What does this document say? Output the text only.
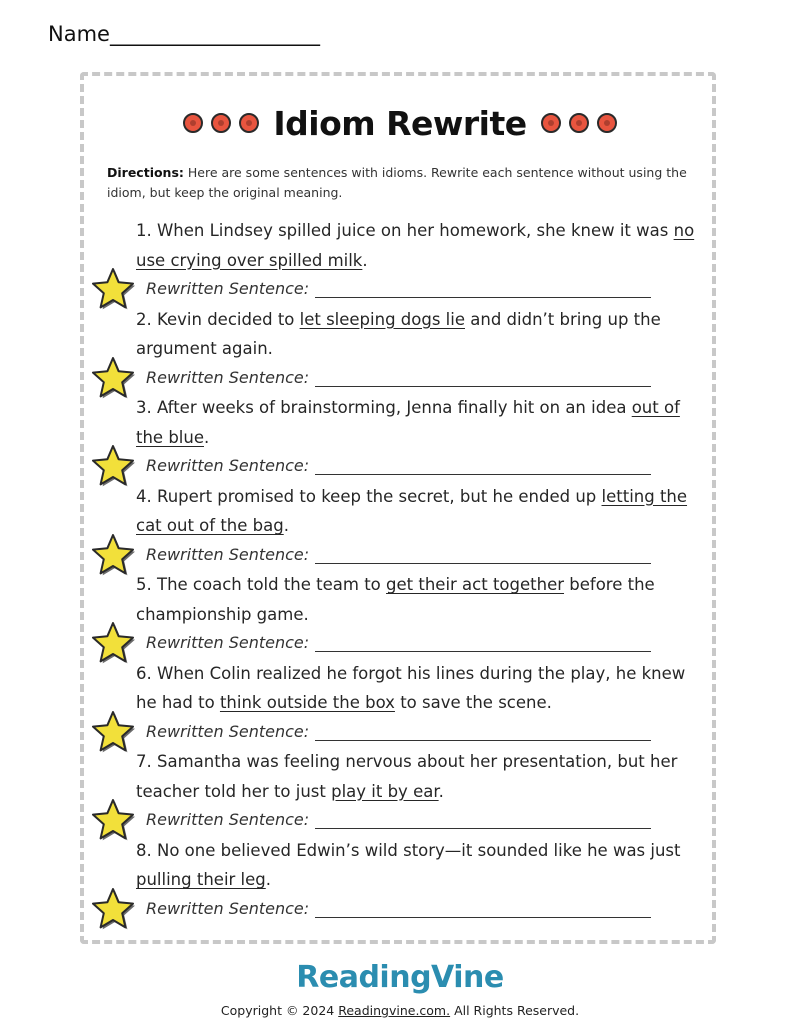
Name____________________
Idiom Rewrite
Directions: Here are some sentences with idioms. Rewrite each sentence without using the idiom, but keep the original meaning.
1. When Lindsey spilled juice on her homework, she knew it was no use crying over spilled milk.
Rewritten Sentence:
2. Kevin decided to let sleeping dogs lie and didn’t bring up the argument again.
Rewritten Sentence:
3. After weeks of brainstorming, Jenna finally hit on an idea out of the blue.
Rewritten Sentence:
4. Rupert promised to keep the secret, but he ended up letting the cat out of the bag.
Rewritten Sentence:
5. The coach told the team to get their act together before the championship game.
Rewritten Sentence:
6. When Colin realized he forgot his lines during the play, he knew he had to think outside the box to save the scene.
Rewritten Sentence:
7. Samantha was feeling nervous about her presentation, but her teacher told her to just play it by ear.
Rewritten Sentence:
8. No one believed Edwin’s wild story—it sounded like he was just pulling their leg.
Rewritten Sentence:
ReadingVine
Copyright © 2024 Readingvine.com. All Rights Reserved.
